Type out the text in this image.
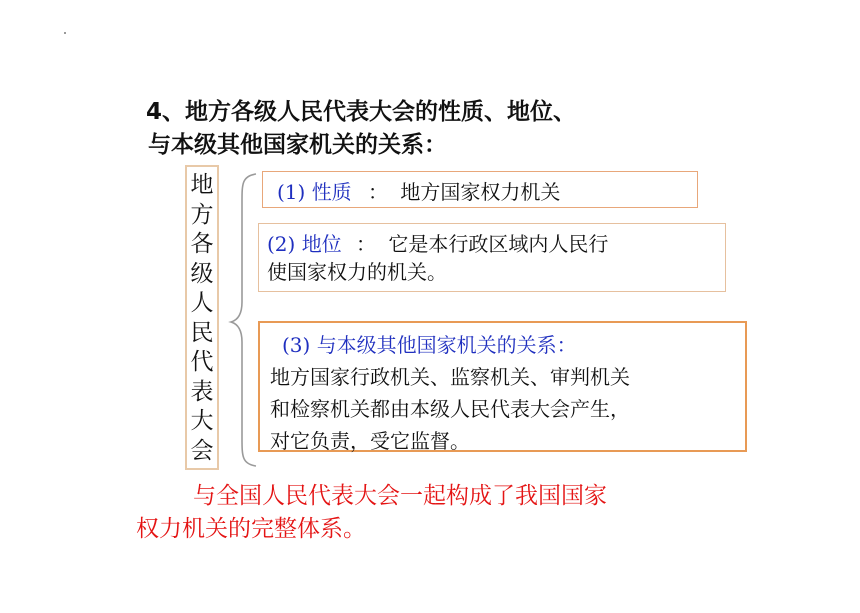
4、地方各级人民代表大会的性质、地位、
与本级其他国家机关的关系：
地
方
各
级
人
民
代
表
大
会
(1) 性质 ： 地方国家权力机关
(2) 地位 ： 它是本行政区域内人民行
使国家权力的机关。
(3) 与本级其他国家机关的关系：
地方国家行政机关、监察机关、审判机关
和检察机关都由本级人民代表大会产生，
对它负责，受它监督。

与全国人民代表大会一起构成了我国国家
权力机关的完整体系。
